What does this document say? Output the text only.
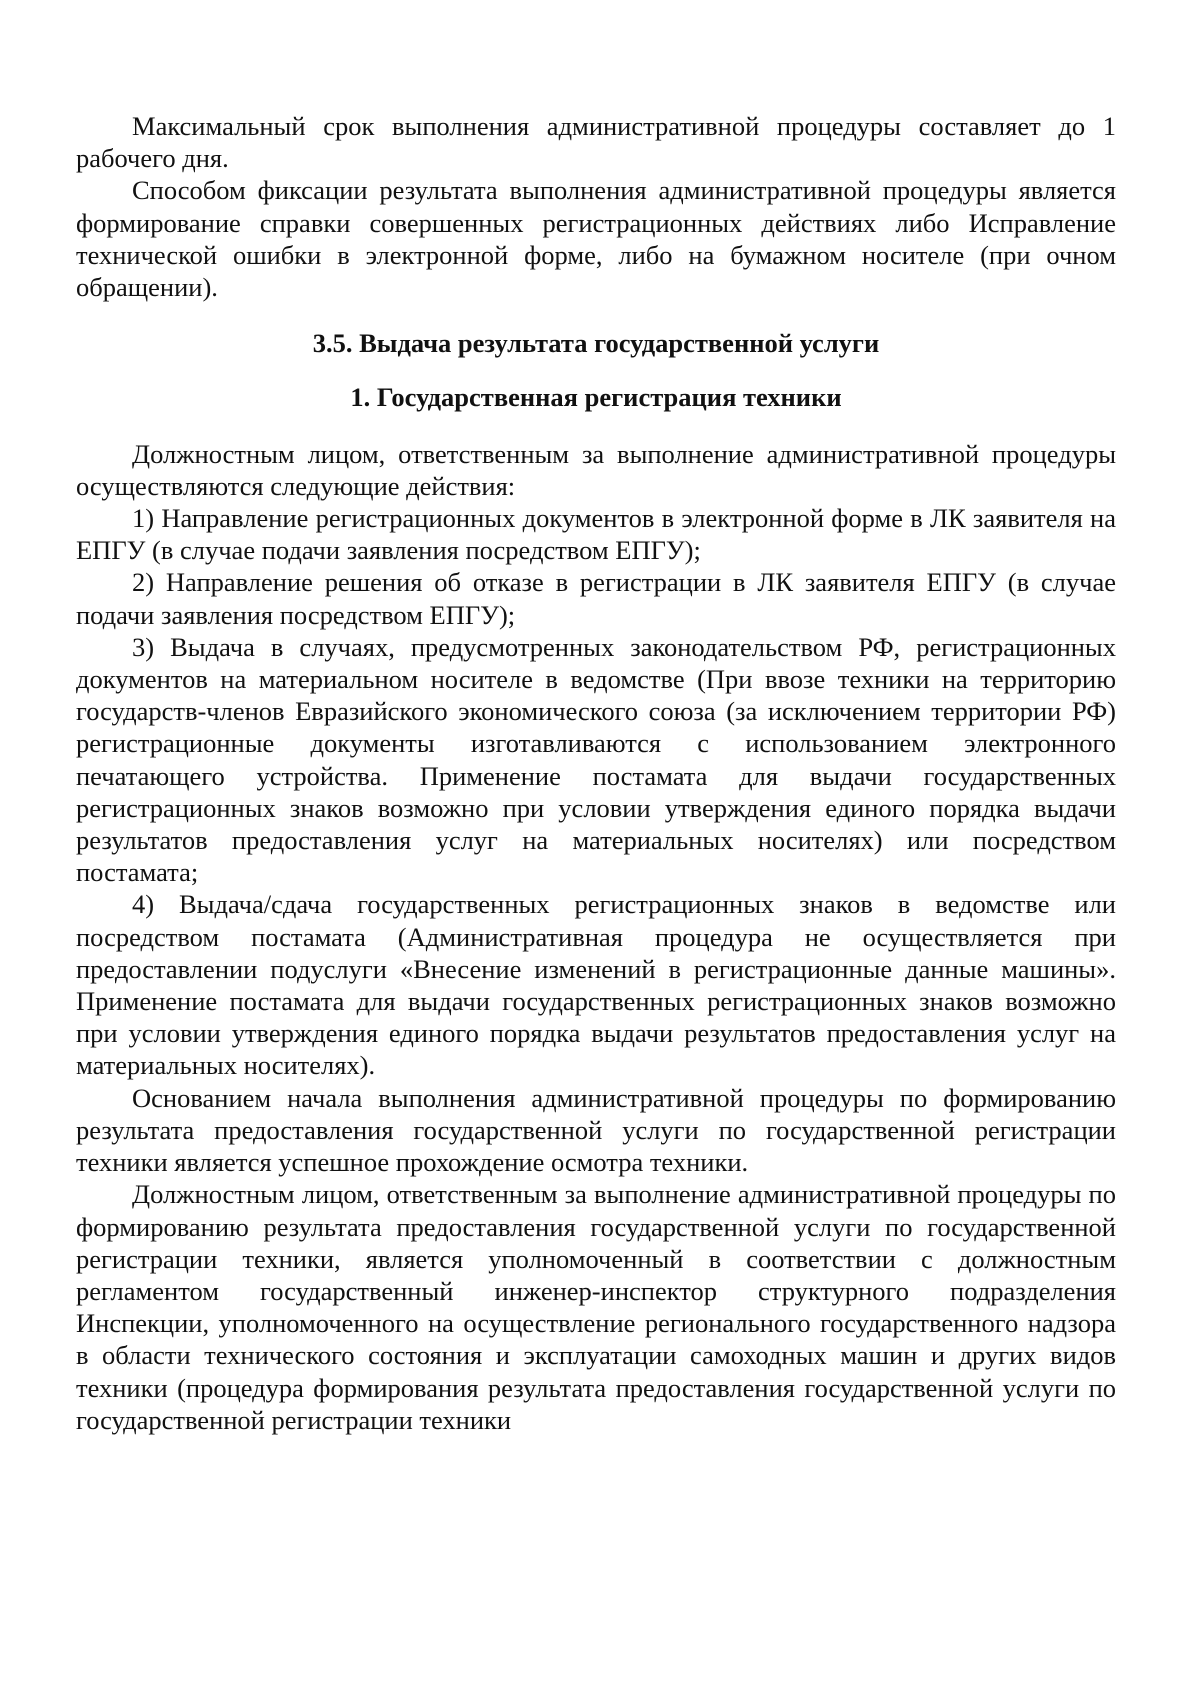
Максимальный срок выполнения административной процедуры составляет до 1 рабочего дня.

Способом фиксации результата выполнения административной процедуры является формирование справки совершенных регистрационных действиях либо Исправление технической ошибки в электронной форме, либо на бумажном носителе (при очном обращении).

3.5. Выдача результата государственной услуги

1. Государственная регистрация техники

Должностным лицом, ответственным за выполнение административной процедуры осуществляются следующие действия:

1) Направление регистрационных документов в электронной форме в ЛК заявителя на ЕПГУ (в случае подачи заявления посредством ЕПГУ);

2) Направление решения об отказе в регистрации в ЛК заявителя ЕПГУ (в случае подачи заявления посредством ЕПГУ);

3) Выдача в случаях, предусмотренных законодательством РФ, регистрационных документов на материальном носителе в ведомстве (При ввозе техники на территорию государств-членов Евразийского экономического союза (за исключением территории РФ) регистрационные документы изготавливаются с использованием электронного печатающего устройства. Применение постамата для выдачи государственных регистрационных знаков возможно при условии утверждения единого порядка выдачи результатов предоставления услуг на материальных носителях) или посредством постамата;

4) Выдача/сдача государственных регистрационных знаков в ведомстве или посредством постамата (Административная процедура не осуществляется при предоставлении подуслуги «Внесение изменений в регистрационные данные машины». Применение постамата для выдачи государственных регистрационных знаков возможно при условии утверждения единого порядка выдачи результатов предоставления услуг на материальных носителях).

Основанием начала выполнения административной процедуры по формированию результата предоставления государственной услуги по государственной регистрации техники является успешное прохождение осмотра техники.

Должностным лицом, ответственным за выполнение административной процедуры по формированию результата предоставления государственной услуги по государственной регистрации техники, является уполномоченный в соответствии с должностным регламентом государственный инженер-инспектор структурного подразделения Инспекции, уполномоченного на осуществление регионального государственного надзора в области технического состояния и эксплуатации самоходных машин и других видов техники (процедура формирования результата предоставления государственной услуги по государственной регистрации техники
